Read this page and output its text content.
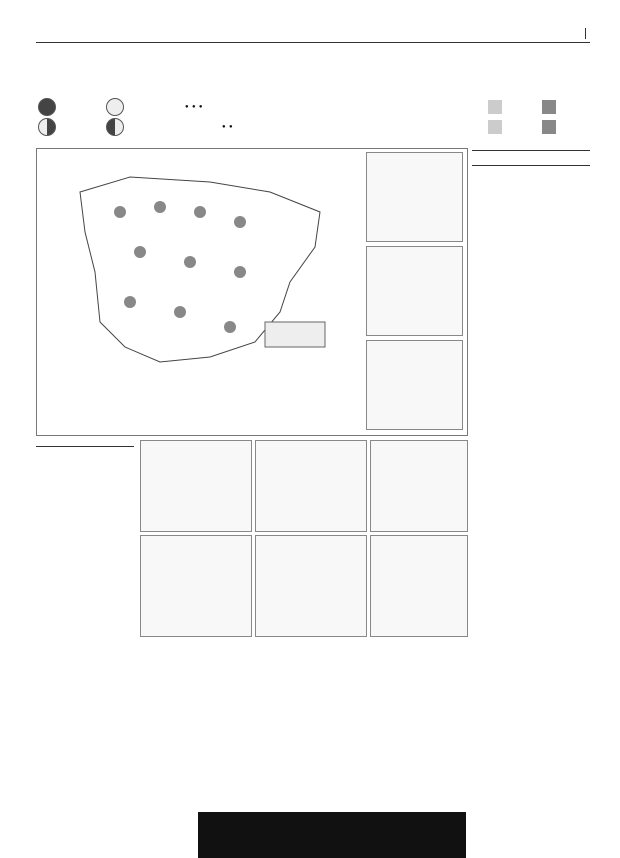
●  ●  ●
●  ●
